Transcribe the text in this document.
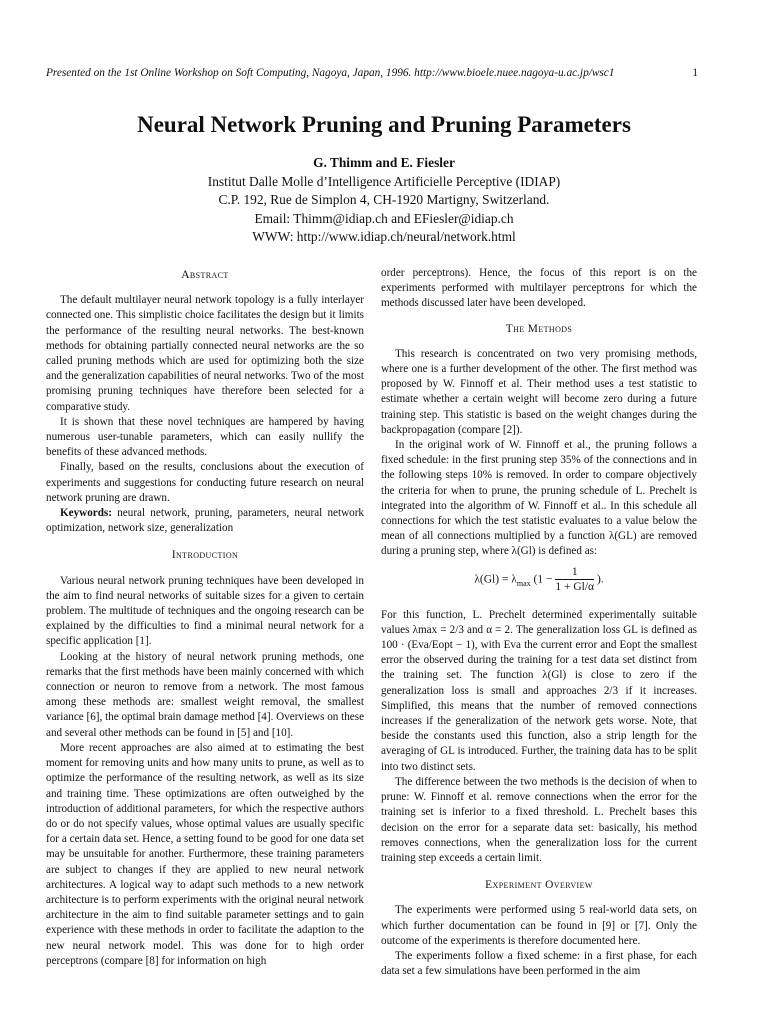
Presented on the 1st Online Workshop on Soft Computing, Nagoya, Japan, 1996. http://www.bioele.nuee.nagoya-u.ac.jp/wsc1	1
Neural Network Pruning and Pruning Parameters
G. Thimm and E. Fiesler
Institut Dalle Molle d’Intelligence Artificielle Perceptive (IDIAP)
C.P. 192, Rue de Simplon 4, CH-1920 Martigny, Switzerland.
Email: Thimm@idiap.ch and EFiesler@idiap.ch
WWW: http://www.idiap.ch/neural/network.html
Abstract

The default multilayer neural network topology is a fully interlayer connected one. This simplistic choice facilitates the design but it limits the performance of the resulting neural networks. The best-known methods for obtaining partially connected neural networks are the so called pruning methods which are used for optimizing both the size and the generalization capabilities of neural networks. Two of the most promising pruning techniques have therefore been selected for a comparative study.

It is shown that these novel techniques are hampered by having numerous user-tunable parameters, which can easily nullify the benefits of these advanced methods.

Finally, based on the results, conclusions about the execution of experiments and suggestions for conducting future research on neural network pruning are drawn.

Keywords: neural network, pruning, parameters, neural network optimization, network size, generalization

Introduction

Various neural network pruning techniques have been developed in the aim to find neural networks of suitable sizes for a given to certain problem. The multitude of techniques and the ongoing research can be explained by the difficulties to find a minimal neural network for a specific application [1].

Looking at the history of neural network pruning methods, one remarks that the first methods have been mainly concerned with which connection or neuron to remove from a network. The most famous among these methods are: smallest weight removal, the smallest variance [6], the optimal brain damage method [4]. Overviews on these and several other methods can be found in [5] and [10].

More recent approaches are also aimed at to estimating the best moment for removing units and how many units to prune, as well as to optimize the performance of the resulting network, as well as its size and training time. These optimizations are often outweighed by the introduction of additional parameters, for which the respective authors do or do not specify values, whose optimal values are usually specific for a certain data set. Hence, a setting found to be good for one data set may be unsuitable for another. Furthermore, these training parameters are subject to changes if they are applied to new neural network architectures. A logical way to adapt such methods to a new network architecture is to perform experiments with the original neural network architecture in the aim to find suitable parameter settings and to gain experience with these methods in order to facilitate the adaption to the new neural network model. This was done for to high order perceptrons (compare [8] for information on high

order perceptrons). Hence, the focus of this report is on the experiments performed with multilayer perceptrons for which the methods discussed later have been developed.

The Methods

This research is concentrated on two very promising methods, where one is a further development of the other. The first method was proposed by W. Finnoff et al. Their method uses a test statistic to estimate whether a certain weight will become zero during a future training step. This statistic is based on the weight changes during the backpropagation (compare [2]).

In the original work of W. Finnoff et al., the pruning follows a fixed schedule: in the first pruning step 35% of the connections and in the following steps 10% is removed. In order to compare objectively the criteria for when to prune, the pruning schedule of L. Prechelt is integrated into the algorithm of W. Finnoff et al.. In this schedule all connections for which the test statistic evaluates to a value below the mean of all connections multiplied by a function λ(GL) are removed during a pruning step, where λ(Gl) is defined as:

$\lambda(Gl) = \lambda_{max}$ ($1 - \frac{1}{1 + Gl/\alpha}$ ).

For this function, L. Prechelt determined experimentally suitable values λmax = 2/3 and α = 2. The generalization loss GL is defined as 100 · (Eva/Eopt − 1), with Eva the current error and Eopt the smallest error the observed during the training for a test data set distinct from the training set. The function λ(Gl) is close to zero if the generalization loss is small and approaches 2/3 if it increases. Simplified, this means that the number of removed connections increases if the generalization of the network gets worse. Note, that beside the constants used this function, also a strip length for the averaging of GL is introduced. Further, the training data has to be split into two distinct sets.

The difference between the two methods is the decision of when to prune: W. Finnoff et al. remove connections when the error for the training set is inferior to a fixed threshold. L. Prechelt bases this decision on the error for a separate data set: basically, his method removes connections, when the generalization loss for the current training step exceeds a certain limit.

Experiment Overview

The experiments were performed using 5 real-world data sets, on which further documentation can be found in [9] or [7]. Only the outcome of the experiments is therefore documented here.

The experiments follow a fixed scheme: in a first phase, for each data set a few simulations have been performed in the aim
